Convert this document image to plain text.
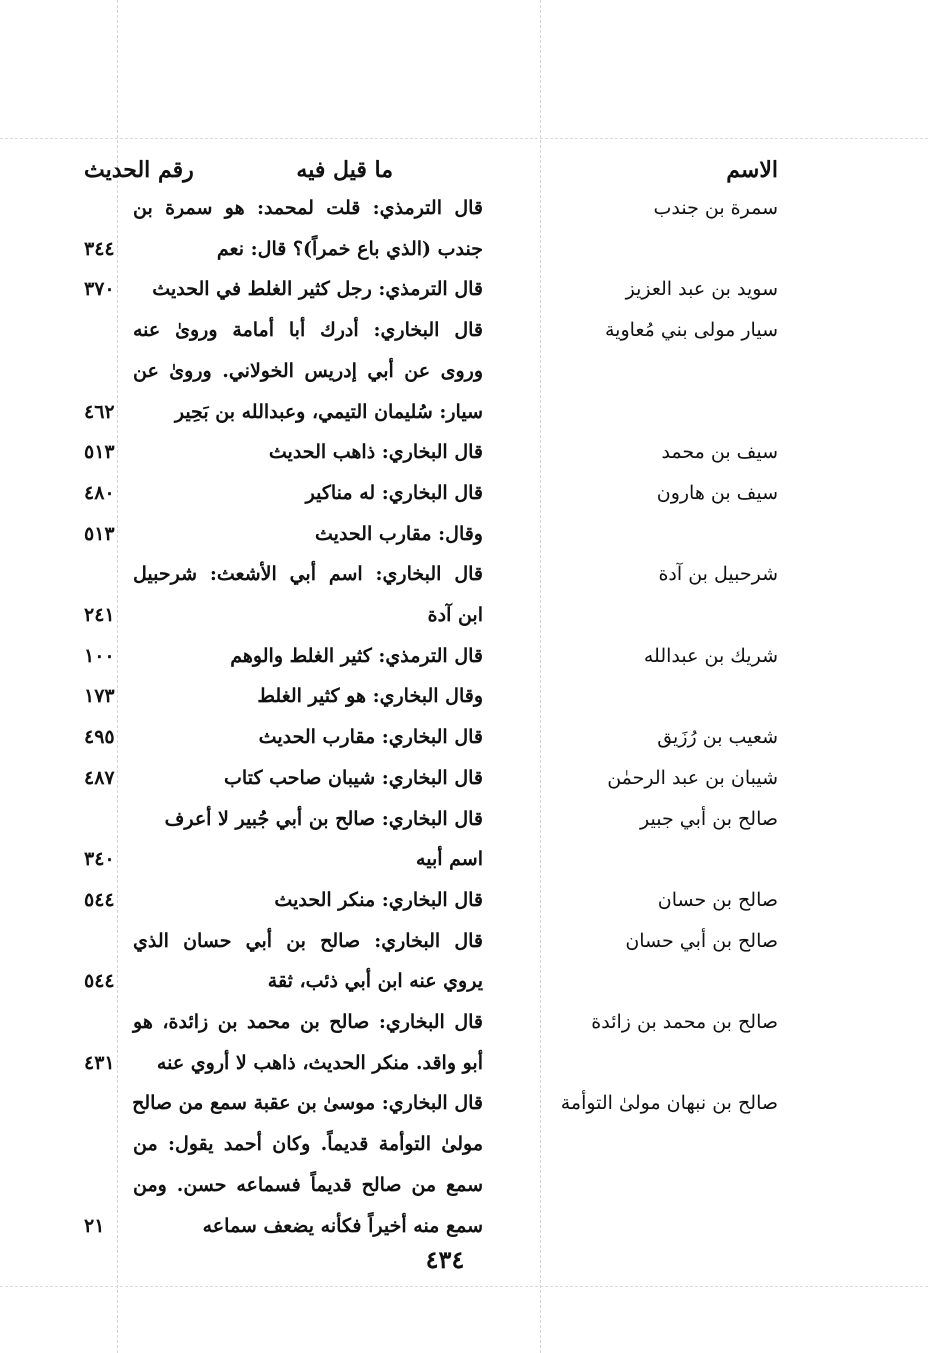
الاسم
ما قيل فيه
رقم الحديث
سمرة بن جندب
سويد بن عبد العزيز
سيار مولى بني مُعاوية
سيف بن محمد
سيف بن هارون
شرحبيل بن آدة
شريك بن عبدالله
شعيب بن رُزَيق
شيبان بن عبد الرحمٰن
صالح بن أبي جبير
صالح بن حسان
صالح بن أبي حسان
صالح بن محمد بن زائدة
صالح بن نبهان مولىٰ التوأمة
قال الترمذي: قلت لمحمد: هو سمرة بن
جندب (الذي باع خمراً)؟ قال: نعم
قال الترمذي: رجل كثير الغلط في الحديث
قال البخاري: أدرك أبا أمامة وروىٰ عنه
وروى عن أبي إدريس الخولاني. وروىٰ عن
سيار: سُليمان التيمي، وعبدالله بن بَحِير
قال البخاري: ذاهب الحديث
قال البخاري: له مناكير
وقال: مقارب الحديث
قال البخاري: اسم أبي الأشعث: شرحبيل
ابن آدة
قال الترمذي: كثير الغلط والوهم
وقال البخاري: هو كثير الغلط
قال البخاري: مقارب الحديث
قال البخاري: شيبان صاحب كتاب
قال البخاري: صالح بن أبي جُبير لا أعرف
اسم أبيه
قال البخاري: منكر الحديث
قال البخاري: صالح بن أبي حسان الذي
يروي عنه ابن أبي ذئب، ثقة
قال البخاري: صالح بن محمد بن زائدة، هو
أبو واقد. منكر الحديث، ذاهب لا أروي عنه
قال البخاري: موسىٰ بن عقبة سمع من صالح
مولىٰ التوأمة قديماً. وكان أحمد يقول: من
سمع من صالح قديماً فسماعه حسن. ومن
سمع منه أخيراً فكأنه يضعف سماعه
٣٤٤
٣٧٠
٤٦٢
٥١٣
٤٨٠
٥١٣
٢٤١
١٠٠
١٧٣
٤٩٥
٤٨٧
٣٤٠
٥٤٤
٥٤٤
٤٣١
٢١
٤٣٤
